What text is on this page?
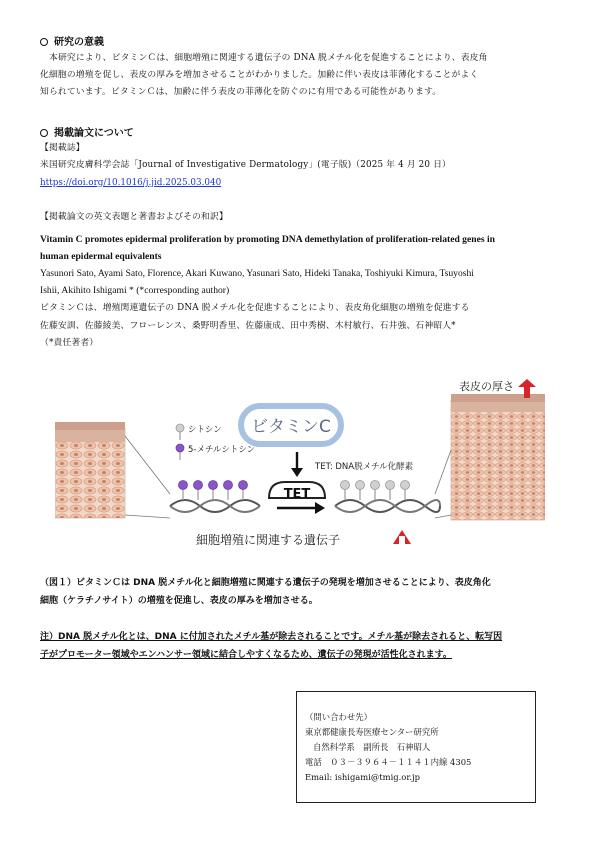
研究の意義
本研究により、ビタミンＣは、細胞増殖に関連する遺伝子の DNA 脱メチル化を促進することにより、表皮角
化細胞の増殖を促し、表皮の厚みを増加させることがわかりました。加齢に伴い表皮は菲薄化することがよく
知られています。ビタミンＣは、加齢に伴う表皮の菲薄化を防ぐのに有用である可能性があります。
掲載論文について
【掲載誌】
米国研究皮膚科学会誌「Journal of Investigative Dermatology」(電子版)（2025 年 4 月 20 日）
https://doi.org/10.1016/j.jid.2025.03.040
【掲載論文の英文表題と著書およびその和訳】
Vitamin C promotes epidermal proliferation by promoting DNA demethylation of proliferation-related genes in
human epidermal equivalents
Yasunori Sato, Ayami Sato, Florence, Akari Kuwano, Yasunari Sato, Hideki Tanaka, Toshiyuki Kimura, Tsuyoshi
Ishii, Akihito Ishigami * (*corresponding author)
ビタミンＣは、増殖関連遺伝子の DNA 脱メチル化を促進することにより、表皮角化細胞の増殖を促進する
佐藤安訓、佐藤綾美、フローレンス、桑野明香里、佐藤康成、田中秀樹、木村敏行、石井強、石神昭人*
（*責任著者）
ビタミンC
シトシン
5-メチルシトシン
TET: DNA脱メチル化酵素
TET
細胞増殖に関連する遺伝子
表皮の厚さ
（図１）ビタミンＣは DNA 脱メチル化と細胞増殖に関連する遺伝子の発現を増加させることにより、表皮角化
細胞（ケラチノサイト）の増殖を促進し、表皮の厚みを増加させる。
注）DNA 脱メチル化とは、DNA に付加されたメチル基が除去されることです。メチル基が除去されると、転写因
子がプロモーター領域やエンハンサー領域に結合しやすくなるため、遺伝子の発現が活性化されます。
（問い合わせ先）
東京都健康長寿医療センター研究所
自然科学系　副所長　石神昭人
電話　０３－３９６４－１１４１内線 4305
Email: ishigami@tmig.or.jp
